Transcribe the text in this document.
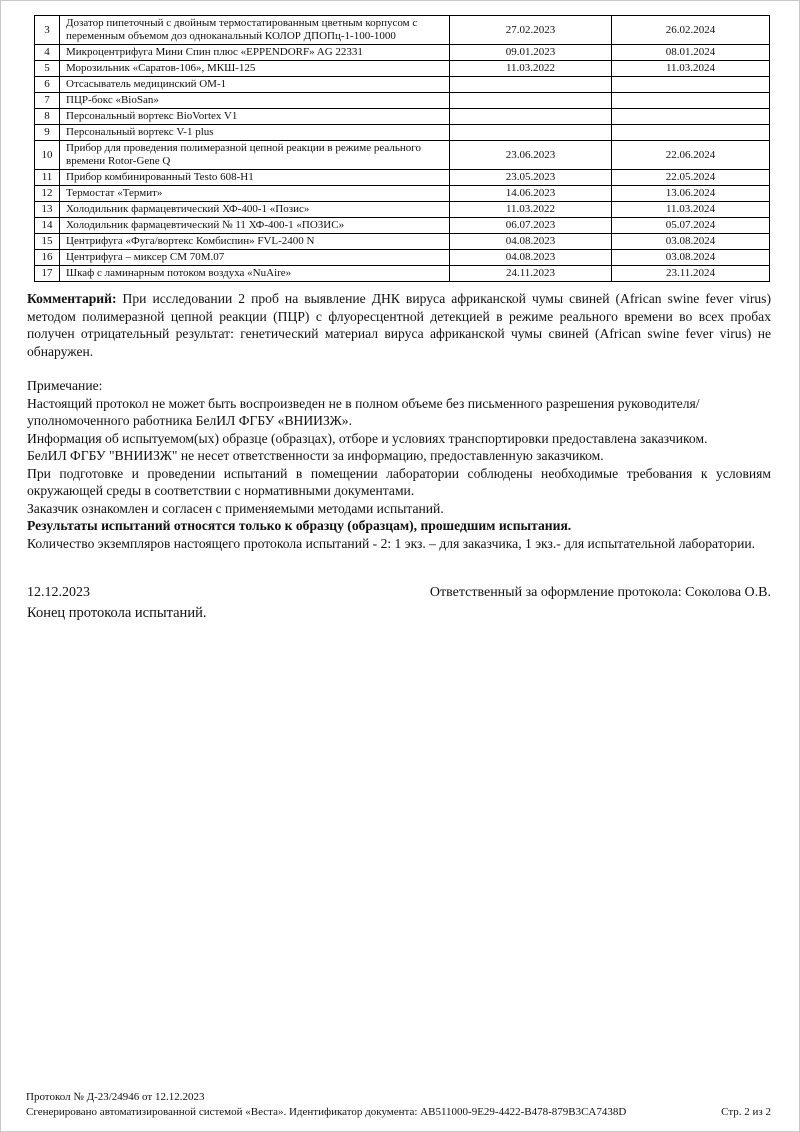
3	Дозатор пипеточный с двойным термостатированным цветным корпусом с переменным объемом доз одноканальный КОЛОР ДПОПц-1-100-1000	27.02.2023	26.02.2024
4	Микроцентрифуга Мини Спин плюс «EPPENDORF» AG 22331	09.01.2023	08.01.2024
5	Морозильник «Саратов-106», МКШ-125	11.03.2022	11.03.2024
6	Отсасыватель медицинский ОМ-1		
7	ПЦР-бокс «BioSan»		
8	Персональный вортекс BioVortex V1		
9	Персональный вортекс V-1 plus		
10	Прибор для проведения полимеразной цепной реакции в режиме реального времени Rotor-Gene Q	23.06.2023	22.06.2024
11	Прибор комбинированный Testo 608-H1	23.05.2023	22.05.2024
12	Термостат «Термит»	14.06.2023	13.06.2024
13	Холодильник фармацевтический ХФ-400-1 «Позис»	11.03.2022	11.03.2024
14	Холодильник фармацевтический № 11 ХФ-400-1 «ПОЗИС»	06.07.2023	05.07.2024
15	Центрифуга «Фуга/вортекс Комбиспин» FVL-2400 N	04.08.2023	03.08.2024
16	Центрифуга – миксер СМ 70М.07	04.08.2023	03.08.2024
17	Шкаф с ламинарным потоком воздуха «NuAire»	24.11.2023	23.11.2024

Комментарий: При исследовании 2 проб на выявление ДНК вируса африканской чумы свиней (African swine fever virus) методом полимеразной цепной реакции (ПЦР) с флуоресцентной детекцией в режиме реального времени во всех пробах получен отрицательный результат: генетический материал вируса африканской чумы свиней (African swine fever virus) не обнаружен.

Примечание:

Настоящий протокол не может быть воспроизведен не в полном объеме без письменного разрешения руководителя/уполномоченного работника БелИЛ ФГБУ «ВНИИЗЖ».

Информация об испытуемом(ых) образце (образцах), отборе и условиях транспортировки предоставлена заказчиком.

БелИЛ ФГБУ "ВНИИЗЖ" не несет ответственности за информацию, предоставленную заказчиком.

При подготовке и проведении испытаний в помещении лаборатории соблюдены необходимые требования к условиям окружающей среды в соответствии с нормативными документами.

Заказчик ознакомлен и согласен с применяемыми методами испытаний.

Результаты испытаний относятся только к образцу (образцам), прошедшим испытания.

Количество экземпляров настоящего протокола испытаний - 2: 1 экз. – для заказчика, 1 экз.- для испытательной лаборатории.

12.12.2023	Ответственный за оформление протокола: Соколова О.В.
Конец протокола испытаний.
Протокол № Д-23/24946 от 12.12.2023
Сгенерировано автоматизированной системой «Веста». Идентификатор документа: AB511000-9E29-4422-B478-879B3CA7438D	Стр. 2 из 2
